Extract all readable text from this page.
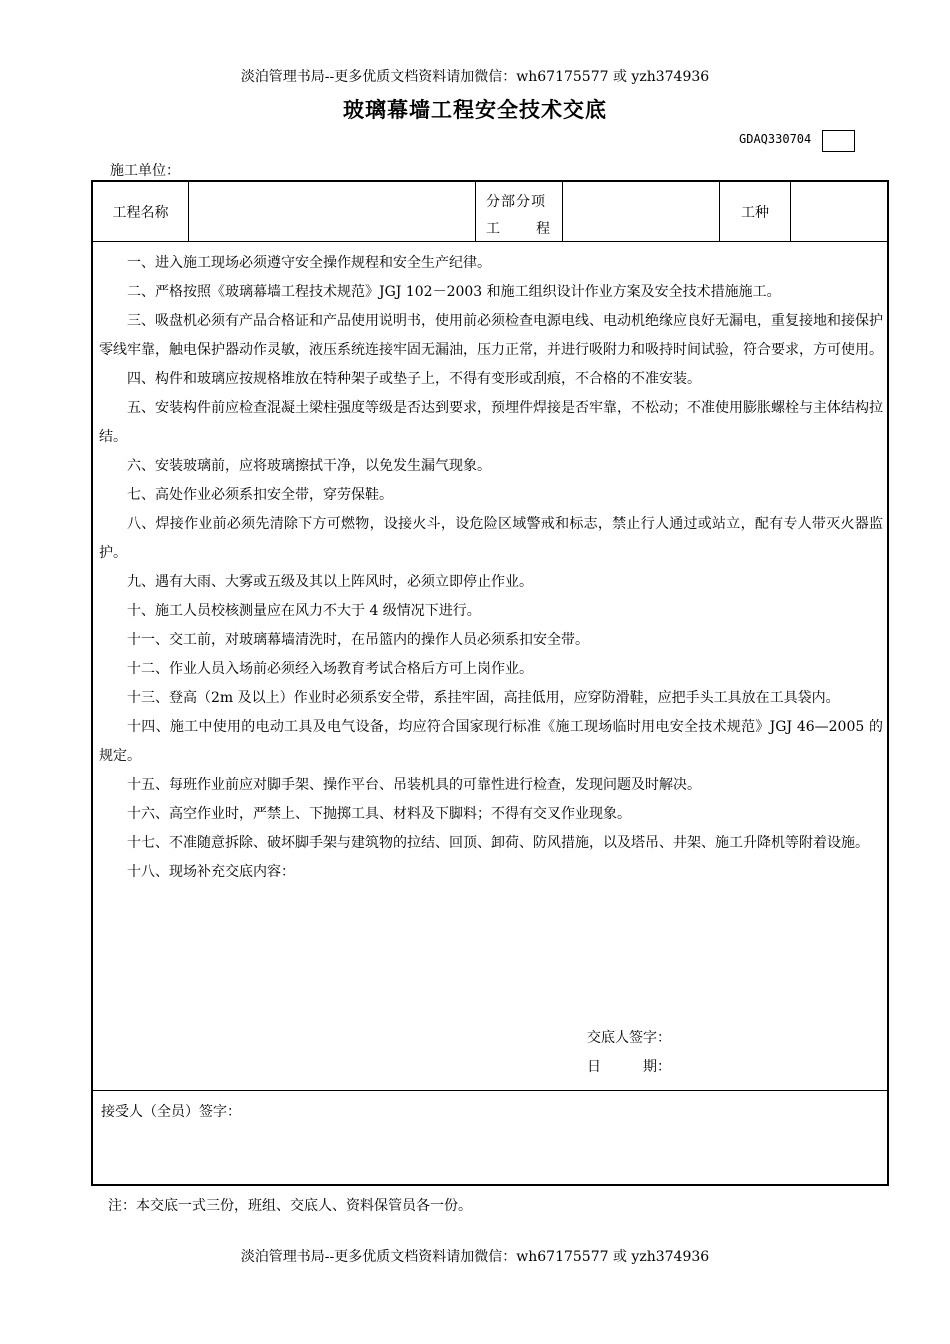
淡泊管理书局--更多优质文档资料请加微信：wh67175577 或 yzh374936
玻璃幕墙工程安全技术交底
GDAQ330704
施工单位：
工程名称
分部分项
工	程
工种
一、进入施工现场必须遵守安全操作规程和安全生产纪律。
二、严格按照《玻璃幕墙工程技术规范》JGJ 102－2003 和施工组织设计作业方案及安全技术措施施工。
三、吸盘机必须有产品合格证和产品使用说明书，使用前必须检查电源电线、电动机绝缘应良好无漏电，重复接地和接保护零线牢靠，触电保护器动作灵敏，液压系统连接牢固无漏油，压力正常，并进行吸附力和吸持时间试验，符合要求，方可使用。
四、构件和玻璃应按规格堆放在特种架子或垫子上，不得有变形或刮痕，不合格的不准安装。
五、安装构件前应检查混凝土梁柱强度等级是否达到要求，预埋件焊接是否牢靠，不松动；不准使用膨胀螺栓与主体结构拉结。
六、安装玻璃前，应将玻璃擦拭干净，以免发生漏气现象。
七、高处作业必须系扣安全带，穿劳保鞋。
八、焊接作业前必须先清除下方可燃物，设接火斗，设危险区域警戒和标志，禁止行人通过或站立，配有专人带灭火器监护。
九、遇有大雨、大雾或五级及其以上阵风时，必须立即停止作业。
十、施工人员校核测量应在风力不大于 4 级情况下进行。
十一、交工前，对玻璃幕墙清洗时，在吊篮内的操作人员必须系扣安全带。
十二、作业人员入场前必须经入场教育考试合格后方可上岗作业。
十三、登高（2m 及以上）作业时必须系安全带，系挂牢固，高挂低用，应穿防滑鞋，应把手头工具放在工具袋内。
十四、施工中使用的电动工具及电气设备，均应符合国家现行标准《施工现场临时用电安全技术规范》JGJ 46—2005 的规定。
十五、每班作业前应对脚手架、操作平台、吊装机具的可靠性进行检查，发现问题及时解决。
十六、高空作业时，严禁上、下抛掷工具、材料及下脚料；不得有交叉作业现象。
十七、不准随意拆除、破坏脚手架与建筑物的拉结、回顶、卸荷、防风措施，以及塔吊、井架、施工升降机等附着设施。
十八、现场补充交底内容：
交底人签字：
日　　　期：
接受人（全员）签字：
注：本交底一式三份，班组、交底人、资料保管员各一份。
淡泊管理书局--更多优质文档资料请加微信：wh67175577 或 yzh374936
